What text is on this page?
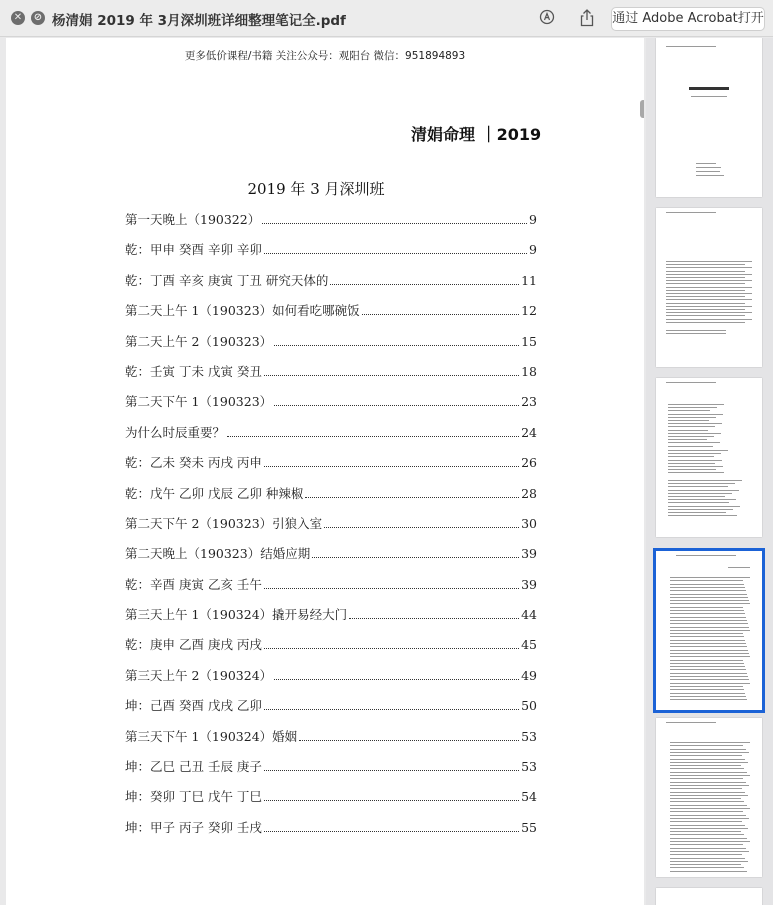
✕ ⊘ 杨清娟 2019 年 3月深圳班详细整理笔记全.pdf	通过 Adobe Acrobat打开
更多低价课程/书籍 关注公众号：观阳台 微信：951894893
清娟命理 ｜2019
2019 年 3 月深圳班
第一天晚上（190322）	9
乾：甲申 癸酉 辛卯 辛卯	9
乾：丁酉 辛亥 庚寅 丁丑 研究天体的	11
第二天上午 1（190323）如何看吃哪碗饭	12
第二天上午 2（190323）	15
乾：壬寅 丁未 戊寅 癸丑	18
第二天下午 1（190323）	23
为什么时辰重要？	24
乾：乙未 癸未 丙戌 丙申	26
乾：戊午 乙卯 戊辰 乙卯 种辣椒	28
第二天下午 2（190323）引狼入室	30
第二天晚上（190323）结婚应期	39
乾：辛酉 庚寅 乙亥 壬午	39
第三天上午 1（190324）撬开易经大门	44
乾：庚申 乙酉 庚戌 丙戌	45
第三天上午 2（190324）	49
坤：己酉 癸酉 戊戌 乙卯	50
第三天下午 1（190324）婚姻	53
坤：乙巳 己丑 壬辰 庚子	53
坤：癸卯 丁巳 戊午 丁巳	54
坤：甲子 丙子 癸卯 壬戌	55
